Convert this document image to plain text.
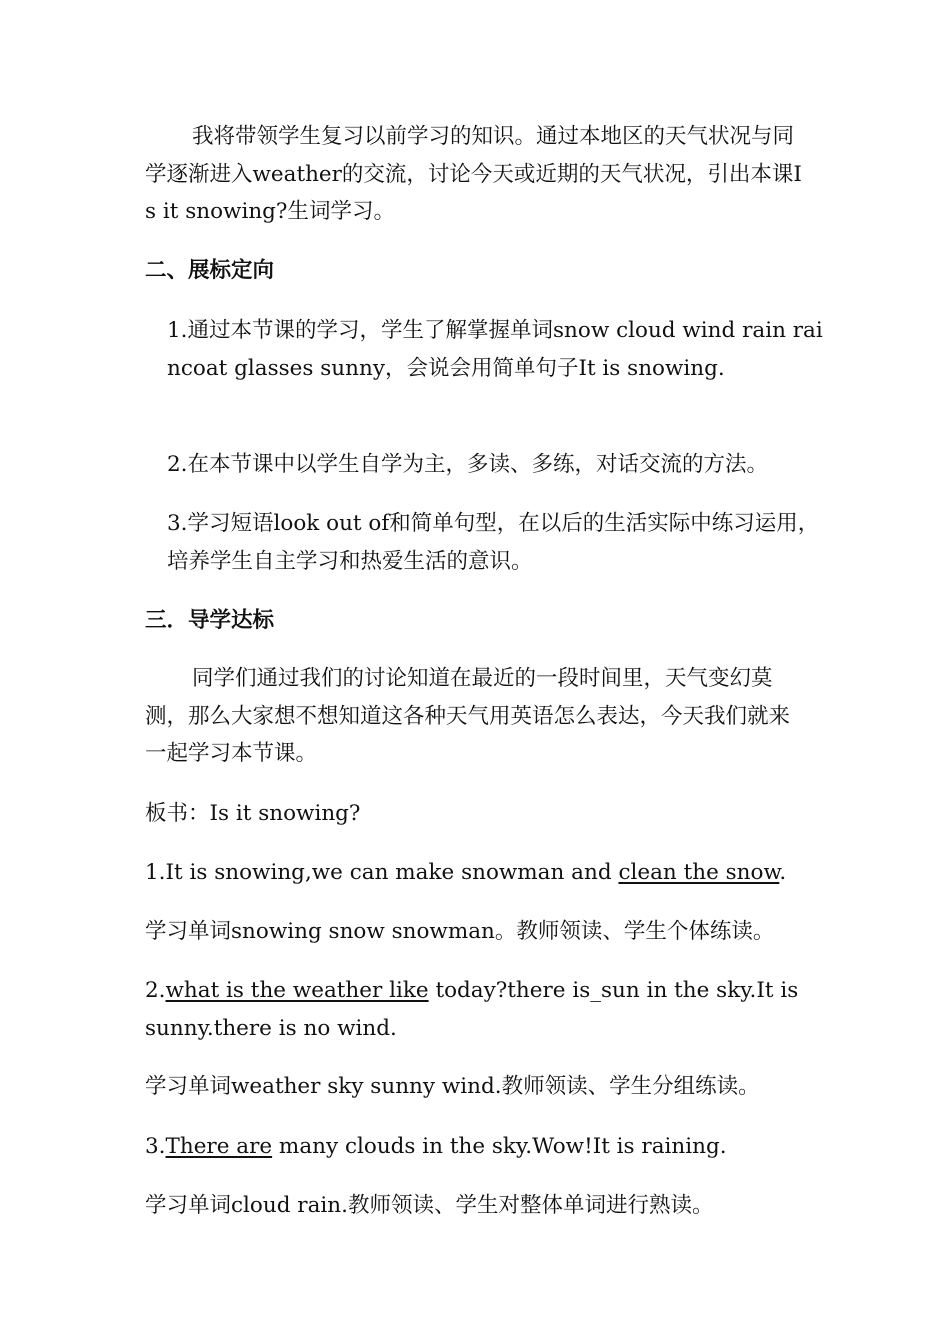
我将带领学生复习以前学习的知识。通过本地区的天气状况与同学逐渐进入weather的交流，讨论今天或近期的天气状况，引出本课Is it snowing?生词学习。

二、展标定向

1.通过本节课的学习，学生了解掌握单词snow cloud wind rain raincoat glasses sunny，会说会用简单句子It is snowing.

2.在本节课中以学生自学为主，多读、多练，对话交流的方法。

3.学习短语look out of和简单句型，在以后的生活实际中练习运用，培养学生自主学习和热爱生活的意识。

三．导学达标

同学们通过我们的讨论知道在最近的一段时间里，天气变幻莫测，那么大家想不想知道这各种天气用英语怎么表达，今天我们就来一起学习本节课。

板书：Is it snowing?

1.It is snowing,we can make snowman and clean the snow.

学习单词snowing snow snowman。教师领读、学生个体练读。

2.what is the weather like today?there is_sun in the sky.It is sunny.there is no wind.

学习单词weather sky sunny wind.教师领读、学生分组练读。

3.There are many clouds in the sky.Wow!It is raining.

学习单词cloud rain.教师领读、学生对整体单词进行熟读。
